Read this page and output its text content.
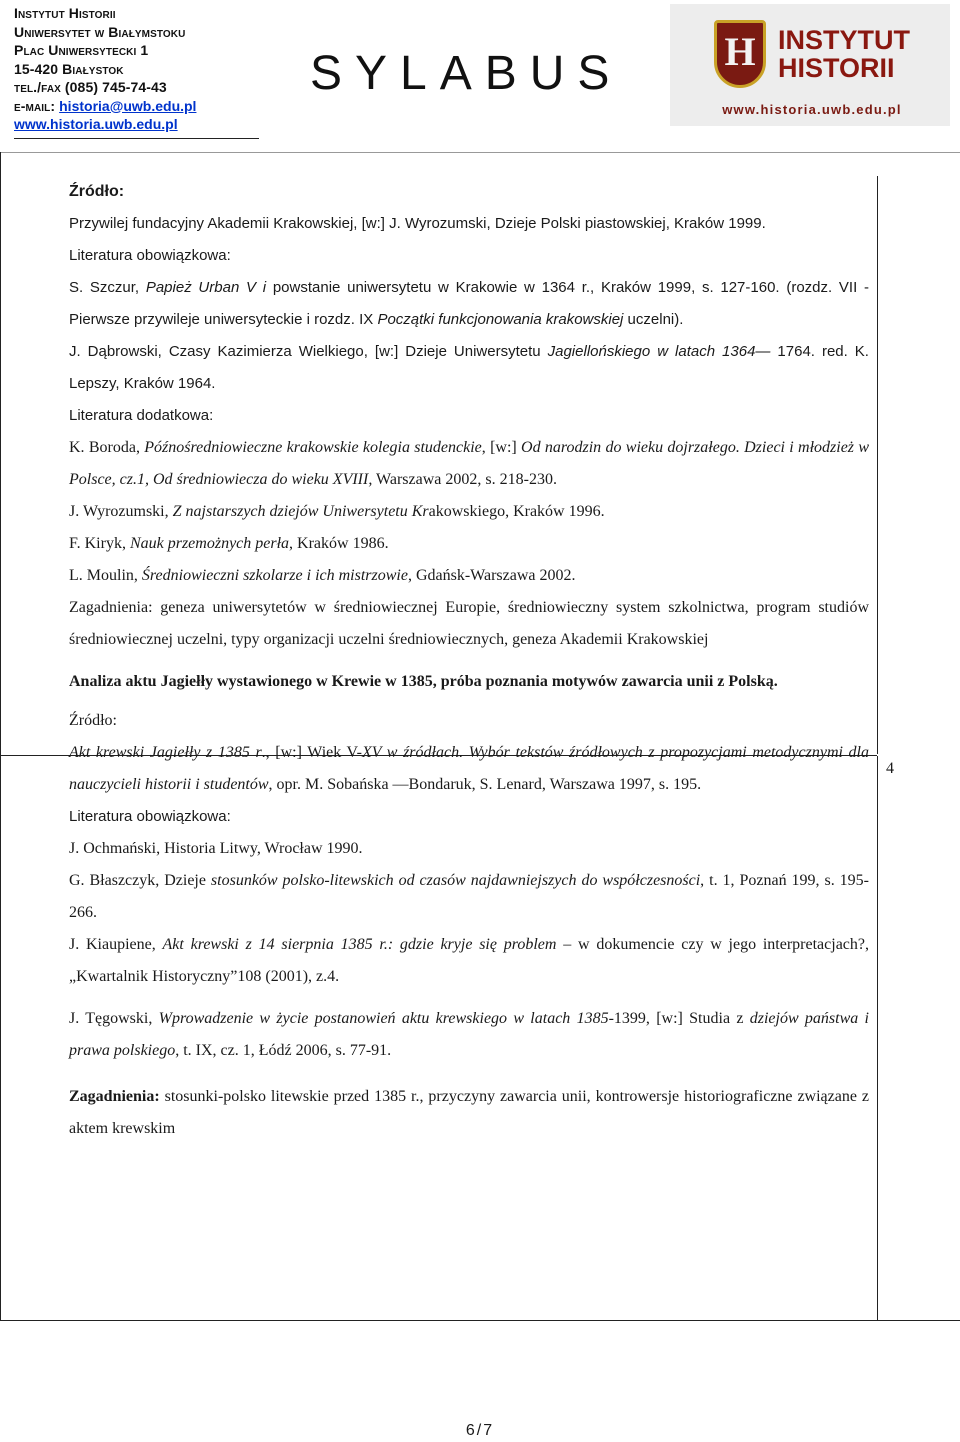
Instytut Historii
Uniwersytet w Białymstoku
Plac Uniwersytecki 1
15-420 Białystok
tel./fax (085) 745-74-43
e-mail: historia@uwb.edu.pl
www.historia.uwb.edu.pl
SYLABUS	H INSTYTUT
HISTORII
www.historia.uwb.edu.pl
4

Źródło:

Przywilej fundacyjny Akademii Krakowskiej, [w:] J. Wyrozumski, Dzieje Polski piastowskiej, Kraków 1999.

Literatura obowiązkowa:

S. Szczur, Papież Urban V i powstanie uniwersytetu w Krakowie w 1364 r., Kraków 1999, s. 127-160. (rozdz. VII - Pierwsze przywileje uniwersyteckie i rozdz. IX Początki funkcjonowania krakowskiej uczelni).

J. Dąbrowski, Czasy Kazimierza Wielkiego, [w:] Dzieje Uniwersytetu Jagiellońskiego w latach 1364— 1764. red. K. Lepszy, Kraków 1964.

Literatura dodatkowa:

K. Boroda, Późnośredniowieczne krakowskie kolegia studenckie, [w:] Od narodzin do wieku dojrzałego. Dzieci i młodzież w Polsce, cz.1, Od średniowiecza do wieku XVIII, Warszawa 2002, s. 218-230.

J. Wyrozumski, Z najstarszych dziejów Uniwersytetu Krakowskiego, Kraków 1996.

F. Kiryk, Nauk przemożnych perła, Kraków 1986.

L. Moulin, Średniowieczni szkolarze i ich mistrzowie, Gdańsk-Warszawa 2002.

Zagadnienia: geneza uniwersytetów w średniowiecznej Europie, średniowieczny system szkolnictwa, program studiów średniowiecznej uczelni, typy organizacji uczelni średniowiecznych, geneza Akademii Krakowskiej

Analiza aktu Jagiełły wystawionego w Krewie w 1385, próba poznania motywów zawarcia unii z Polską.

Źródło:

Akt krewski Jagiełły z 1385 r., [w:] Wiek V-XV w źródłach. Wybór tekstów źródłowych z propozycjami metodycznymi dla nauczycieli historii i studentów, opr. M. Sobańska —Bondaruk, S. Lenard, Warszawa 1997, s. 195.

Literatura obowiązkowa:

J. Ochmański, Historia Litwy, Wrocław 1990.

G. Błaszczyk, Dzieje stosunków polsko-litewskich od czasów najdawniejszych do współczesności, t. 1, Poznań 199, s. 195-266.

J. Kiaupiene, Akt krewski z 14 sierpnia 1385 r.: gdzie kryje się problem – w dokumencie czy w jego interpretacjach?, „Kwartalnik Historyczny”108 (2001), z.4.

J. Tęgowski, Wprowadzenie w życie postanowień aktu krewskiego w latach 1385-1399, [w:] Studia z dziejów państwa i prawa polskiego, t. IX, cz. 1, Łódź 2006, s. 77-91.

Zagadnienia: stosunki-polsko litewskie przed 1385 r., przyczyny zawarcia unii, kontrowersje historiograficzne związane z aktem krewskim

6/7
